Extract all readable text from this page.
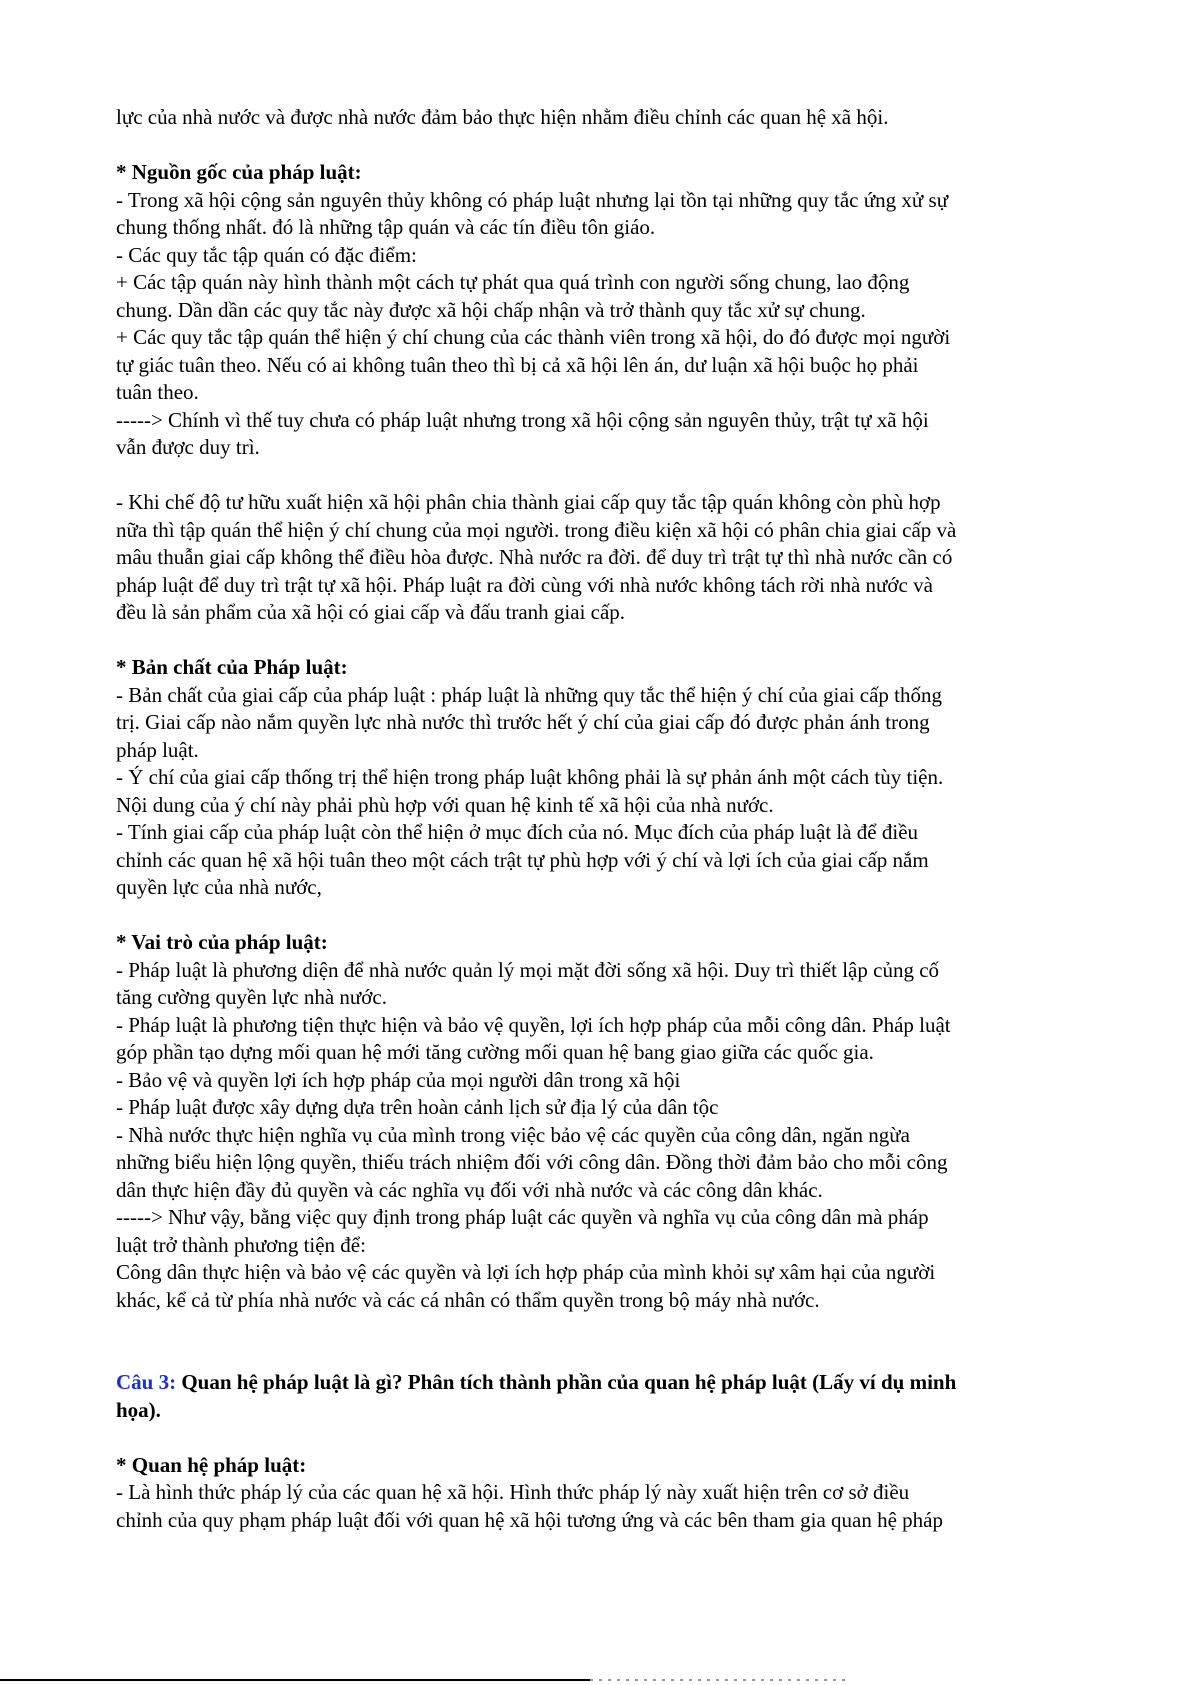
lực của nhà nước và được nhà nước đảm bảo thực hiện nhằm điều chỉnh các quan hệ xã hội.
* Nguồn gốc của pháp luật:
- Trong xã hội cộng sản nguyên thủy không có pháp luật nhưng lại tồn tại những quy tắc ứng xử sự
chung thống nhất. đó là những tập quán và các tín điều tôn giáo.
- Các quy tắc tập quán có đặc điểm:
+ Các tập quán này hình thành một cách tự phát qua quá trình con người sống chung, lao động
chung. Dần dần các quy tắc này được xã hội chấp nhận và trở thành quy tắc xử sự chung.
+ Các quy tắc tập quán thể hiện ý chí chung của các thành viên trong xã hội, do đó được mọi người
tự giác tuân theo. Nếu có ai không tuân theo thì bị cả xã hội lên án, dư luận xã hội buộc họ phải
tuân theo.
-----> Chính vì thế tuy chưa có pháp luật nhưng trong xã hội cộng sản nguyên thủy, trật tự xã hội
vẫn được duy trì.
- Khi chế độ tư hữu xuất hiện xã hội phân chia thành giai cấp quy tắc tập quán không còn phù hợp
nữa thì tập quán thể hiện ý chí chung của mọi người. trong điều kiện xã hội có phân chia giai cấp và
mâu thuẫn giai cấp không thể điều hòa được. Nhà nước ra đời. để duy trì trật tự thì nhà nước cần có
pháp luật để duy trì trật tự xã hội. Pháp luật ra đời cùng với nhà nước không tách rời nhà nước và
đều là sản phẩm của xã hội có giai cấp và đấu tranh giai cấp.
* Bản chất của Pháp luật:
- Bản chất của giai cấp của pháp luật : pháp luật là những quy tắc thể hiện ý chí của giai cấp thống
trị. Giai cấp nào nắm quyền lực nhà nước thì trước hết ý chí của giai cấp đó được phản ánh trong
pháp luật.
- Ý chí của giai cấp thống trị thể hiện trong pháp luật không phải là sự phản ánh một cách tùy tiện.
Nội dung của ý chí này phải phù hợp với quan hệ kinh tế xã hội của nhà nước.
- Tính giai cấp của pháp luật còn thể hiện ở mục đích của nó. Mục đích của pháp luật là để điều
chỉnh các quan hệ xã hội tuân theo một cách trật tự phù hợp với ý chí và lợi ích của giai cấp nắm
quyền lực của nhà nước,
* Vai trò của pháp luật:
- Pháp luật là phương diện để nhà nước quản lý mọi mặt đời sống xã hội. Duy trì thiết lập củng cố
tăng cường quyền lực nhà nước.
- Pháp luật là phương tiện thực hiện và bảo vệ quyền, lợi ích hợp pháp của mỗi công dân. Pháp luật
góp phần tạo dựng mối quan hệ mới tăng cường mối quan hệ bang giao giữa các quốc gia.
- Bảo vệ và quyền lợi ích hợp pháp của mọi người dân trong xã hội
- Pháp luật được xây dựng dựa trên hoàn cảnh lịch sử địa lý của dân tộc
- Nhà nước thực hiện nghĩa vụ của mình trong việc bảo vệ các quyền của công dân, ngăn ngừa
những biểu hiện lộng quyền, thiếu trách nhiệm đối với công dân. Đồng thời đảm bảo cho mỗi công
dân thực hiện đầy đủ quyền và các nghĩa vụ đối với nhà nước và các công dân khác.
-----> Như vậy, bằng việc quy định trong pháp luật các quyền và nghĩa vụ của công dân mà pháp
luật trở thành phương tiện để:
Công dân thực hiện và bảo vệ các quyền và lợi ích hợp pháp của mình khỏi sự xâm hại của người
khác, kể cả từ phía nhà nước và các cá nhân có thẩm quyền trong bộ máy nhà nước.
Câu 3: Quan hệ pháp luật là gì? Phân tích thành phần của quan hệ pháp luật (Lấy ví dụ minh
họa).
* Quan hệ pháp luật:
- Là hình thức pháp lý của các quan hệ xã hội. Hình thức pháp lý này xuất hiện trên cơ sở điều
chỉnh của quy phạm pháp luật đối với quan hệ xã hội tương ứng và các bên tham gia quan hệ pháp
